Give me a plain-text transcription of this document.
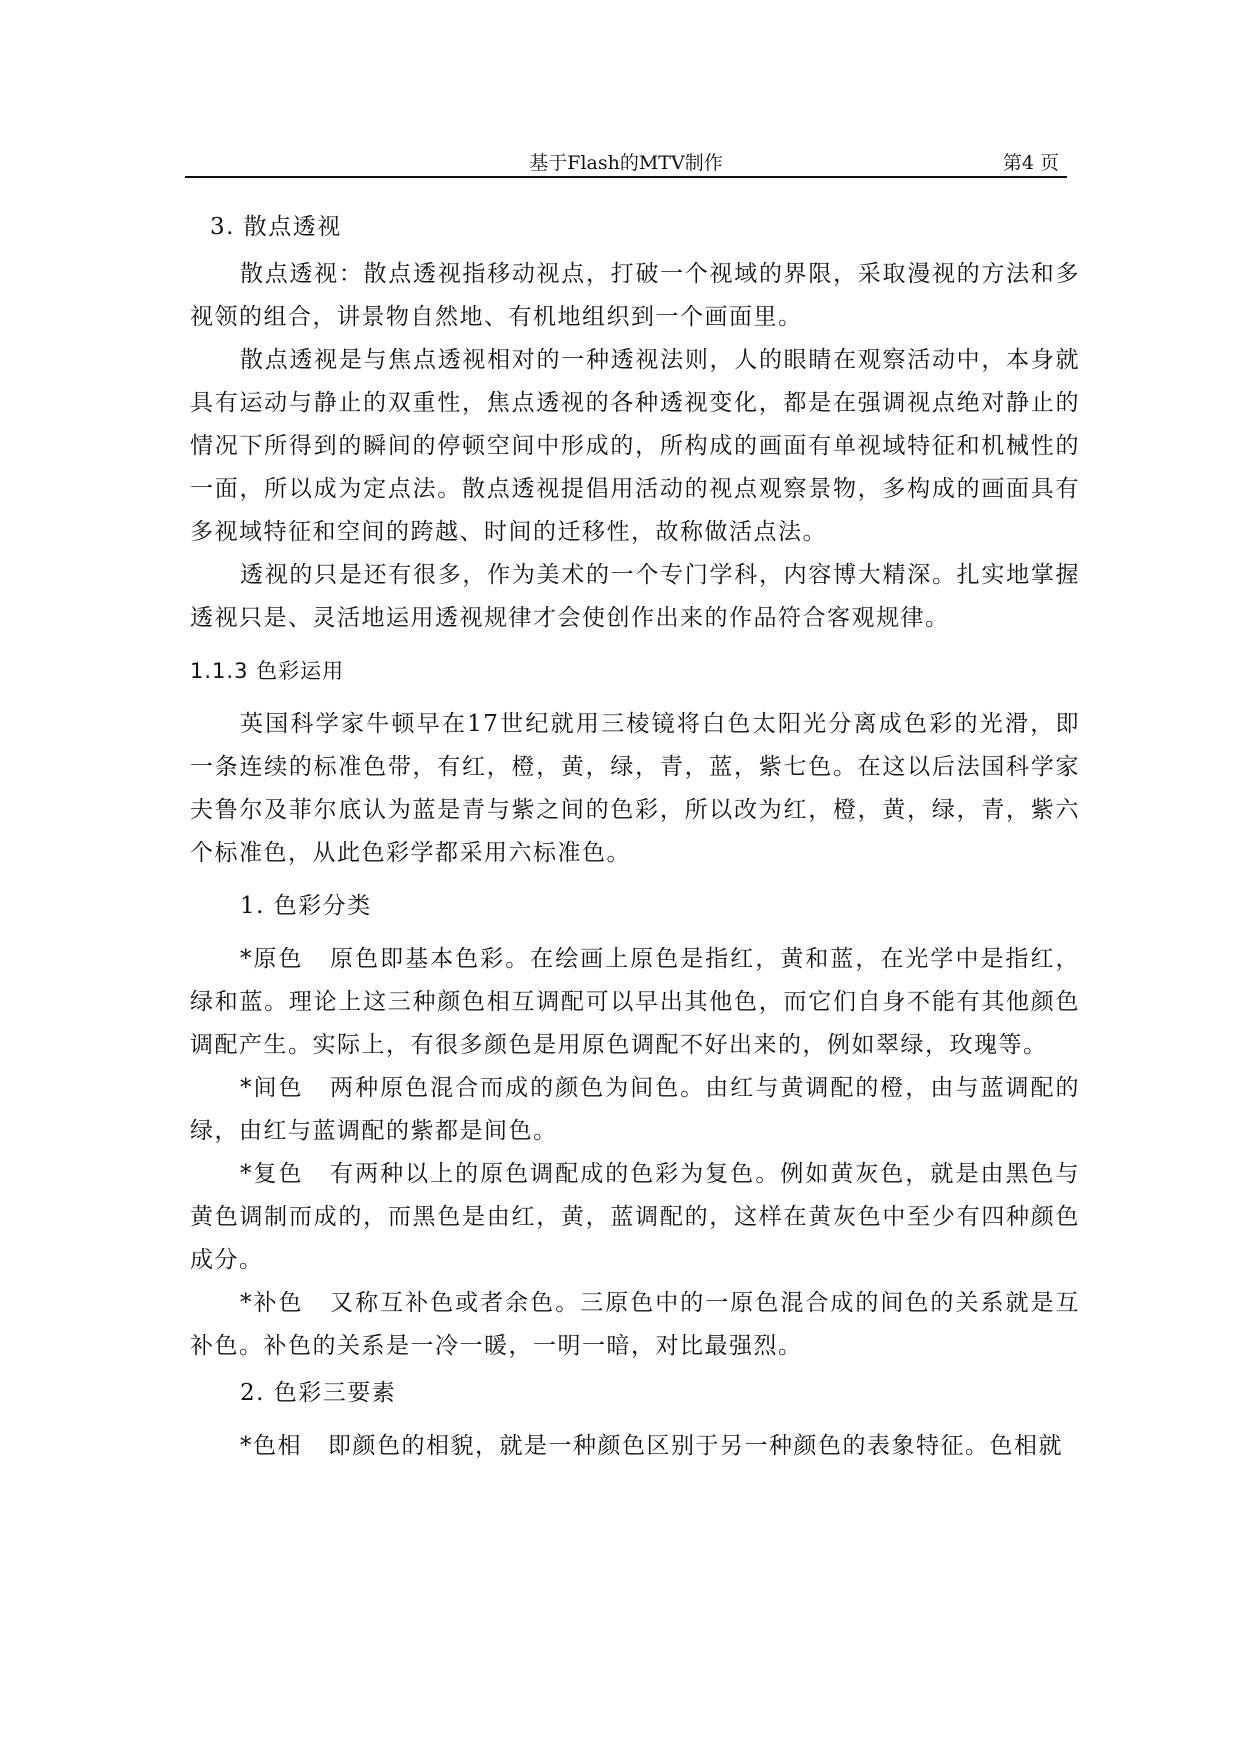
基于Flash的MTV制作	第4 页

3. 散点透视

散点透视：散点透视指移动视点，打破一个视域的界限，采取漫视的方法和多视领的组合，讲景物自然地、有机地组织到一个画面里。

散点透视是与焦点透视相对的一种透视法则，人的眼睛在观察活动中，本身就具有运动与静止的双重性，焦点透视的各种透视变化，都是在强调视点绝对静止的情况下所得到的瞬间的停顿空间中形成的，所构成的画面有单视域特征和机械性的一面，所以成为定点法。散点透视提倡用活动的视点观察景物，多构成的画面具有多视域特征和空间的跨越、时间的迁移性，故称做活点法。

透视的只是还有很多，作为美术的一个专门学科，内容博大精深。扎实地掌握透视只是、灵活地运用透视规律才会使创作出来的作品符合客观规律。

1.1.3 色彩运用

英国科学家牛顿早在17世纪就用三棱镜将白色太阳光分离成色彩的光滑，即一条连续的标准色带，有红，橙，黄，绿，青，蓝，紫七色。在这以后法国科学家夫鲁尔及菲尔底认为蓝是青与紫之间的色彩，所以改为红，橙，黄，绿，青，紫六个标准色，从此色彩学都采用六标准色。

1. 色彩分类

*原色 原色即基本色彩。在绘画上原色是指红，黄和蓝，在光学中是指红，绿和蓝。理论上这三种颜色相互调配可以早出其他色，而它们自身不能有其他颜色调配产生。实际上，有很多颜色是用原色调配不好出来的，例如翠绿，玫瑰等。

*间色 两种原色混合而成的颜色为间色。由红与黄调配的橙，由与蓝调配的绿，由红与蓝调配的紫都是间色。

*复色 有两种以上的原色调配成的色彩为复色。例如黄灰色，就是由黑色与黄色调制而成的，而黑色是由红，黄，蓝调配的，这样在黄灰色中至少有四种颜色成分。

*补色 又称互补色或者余色。三原色中的一原色混合成的间色的关系就是互补色。补色的关系是一冷一暖，一明一暗，对比最强烈。

2. 色彩三要素

*色相 即颜色的相貌，就是一种颜色区别于另一种颜色的表象特征。色相就
